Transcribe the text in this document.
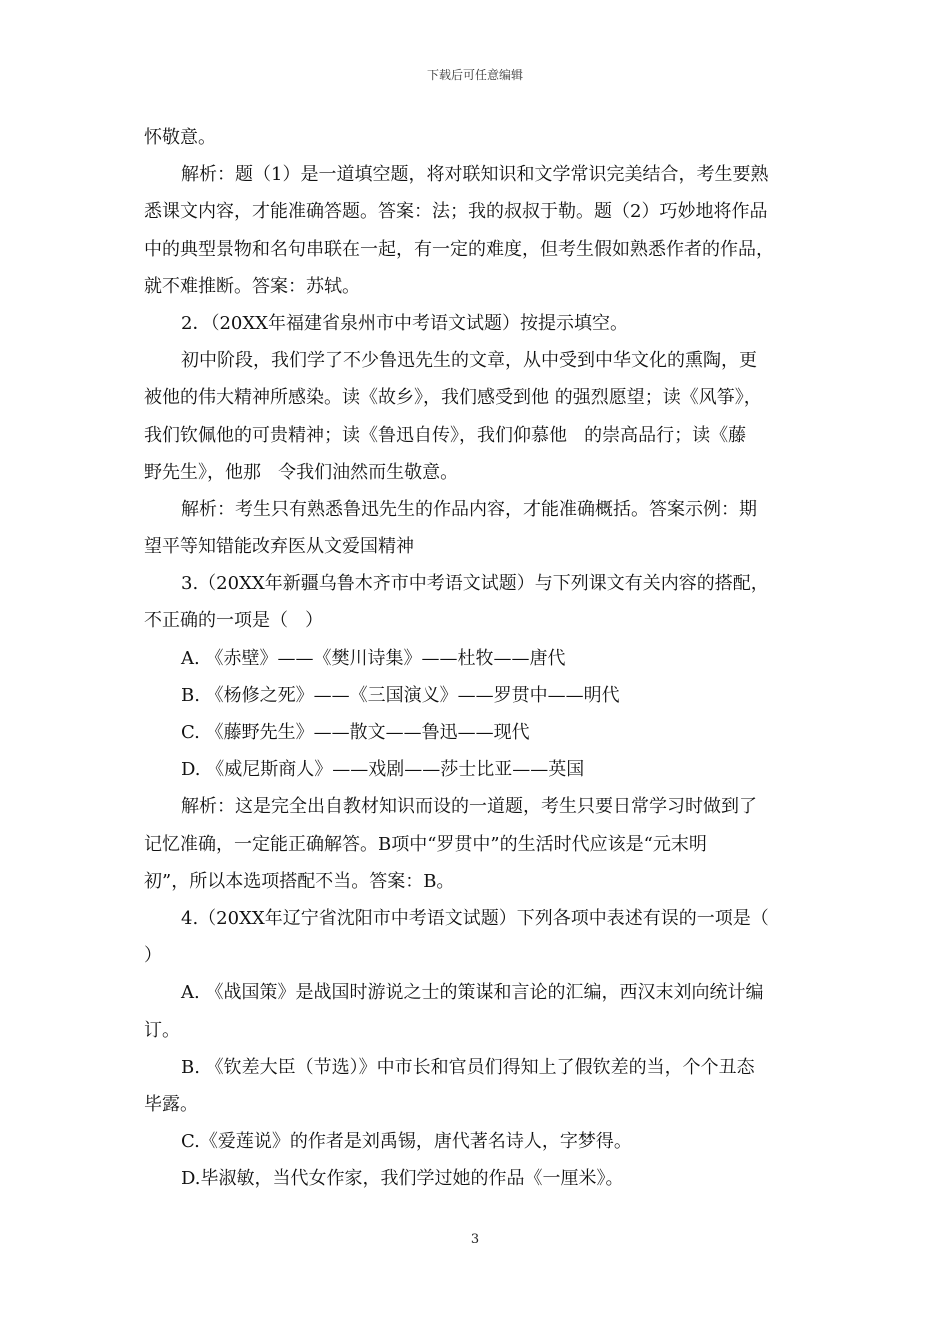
下载后可任意编辑
怀敬意。
解析：题（1）是一道填空题，将对联知识和文学常识完美结合，考生要熟
悉课文内容，才能准确答题。答案：法；我的叔叔于勒。题（2）巧妙地将作品
中的典型景物和名句串联在一起，有一定的难度，但考生假如熟悉作者的作品，
就不难推断。答案：苏轼。
2．（20XX年福建省泉州市中考语文试题）按提示填空。
初中阶段，我们学了不少鲁迅先生的文章，从中受到中华文化的熏陶，更
被他的伟大精神所感染。读《故乡》，我们感受到他 的强烈愿望；读《风筝》，
我们钦佩他的可贵精神；读《鲁迅自传》，我们仰慕他   的崇高品行；读《藤
野先生》，他那   令我们油然而生敬意。
解析：考生只有熟悉鲁迅先生的作品内容，才能准确概括。答案示例：期
望平等知错能改弃医从文爱国精神
3.（20XX年新疆乌鲁木齐市中考语文试题）与下列课文有关内容的搭配，
不正确的一项是（   ）
A. 《赤壁》——《樊川诗集》——杜牧——唐代
B. 《杨修之死》——《三国演义》——罗贯中——明代
C. 《藤野先生》——散文——鲁迅——现代
D. 《威尼斯商人》——戏剧——莎士比亚——英国
解析：这是完全出自教材知识而设的一道题，考生只要日常学习时做到了
记忆准确，一定能正确解答。B项中“罗贯中”的生活时代应该是“元末明
初”，所以本选项搭配不当。答案：B。
4.（20XX年辽宁省沈阳市中考语文试题）下列各项中表述有误的一项是（
）
A. 《战国策》是战国时游说之士的策谋和言论的汇编，西汉末刘向统计编
订。
B. 《钦差大臣（节选）》中市长和官员们得知上了假钦差的当，个个丑态
毕露。
C.《爱莲说》的作者是刘禹锡，唐代著名诗人，字梦得。
D.毕淑敏，当代女作家，我们学过她的作品《一厘米》。
3
